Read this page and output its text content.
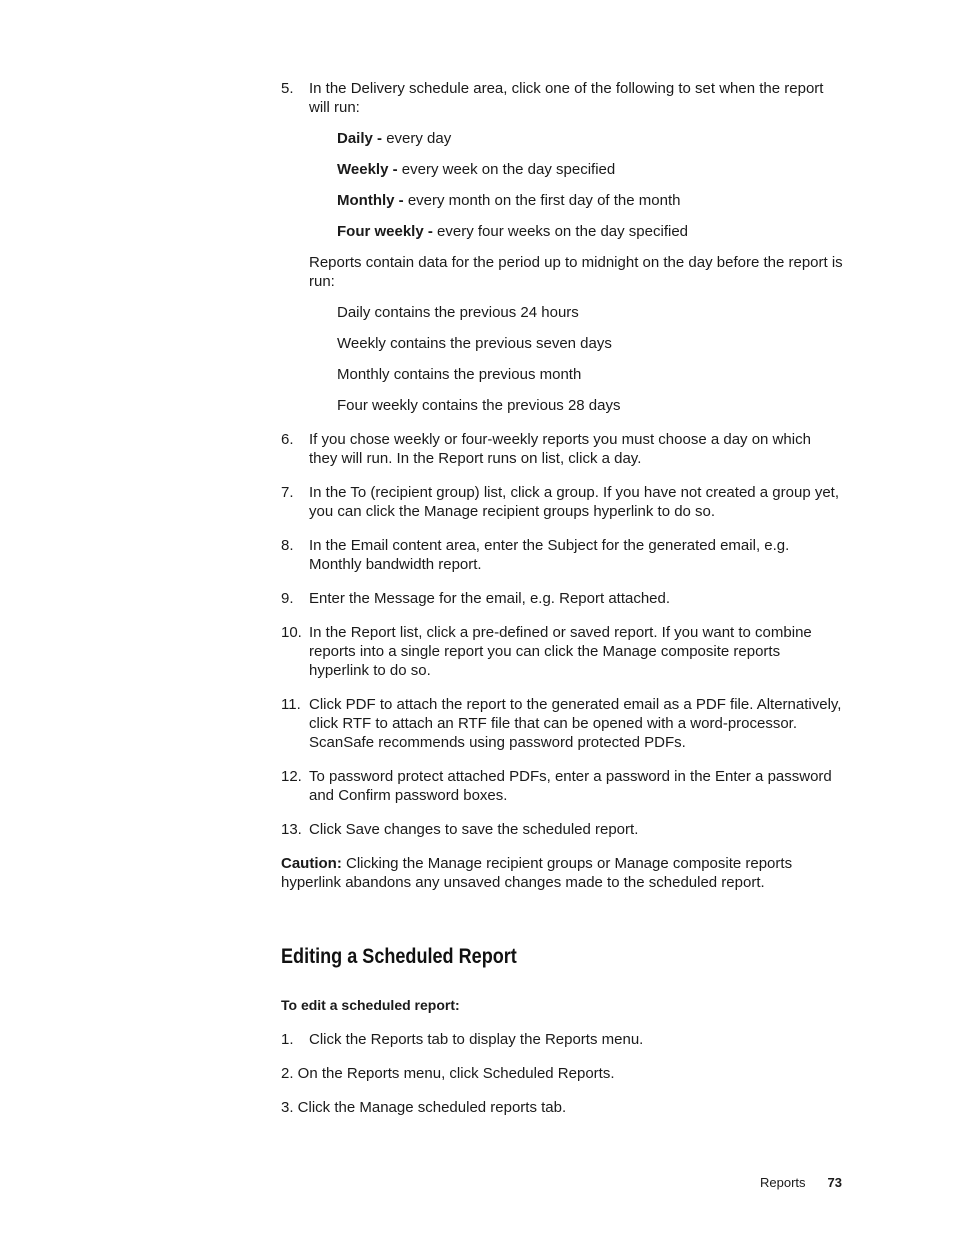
5. In the Delivery schedule area, click one of the following to set when the report will run:

Daily - every day

Weekly - every week on the day specified

Monthly - every month on the first day of the month

Four weekly - every four weeks on the day specified

Reports contain data for the period up to midnight on the day before the report is run:

Daily contains the previous 24 hours

Weekly contains the previous seven days

Monthly contains the previous month

Four weekly contains the previous 28 days

6. If you chose weekly or four-weekly reports you must choose a day on which they will run. In the Report runs on list, click a day.

7. In the To (recipient group) list, click a group. If you have not created a group yet, you can click the Manage recipient groups hyperlink to do so.

8. In the Email content area, enter the Subject for the generated email, e.g. Monthly bandwidth report.

9. Enter the Message for the email, e.g. Report attached.

10. In the Report list, click a pre-defined or saved report. If you want to combine reports into a single report you can click the Manage composite reports hyperlink to do so.

11. Click PDF to attach the report to the generated email as a PDF file. Alternatively, click RTF to attach an RTF file that can be opened with a word-processor. ScanSafe recommends using password protected PDFs.

12. To password protect attached PDFs, enter a password in the Enter a password and Confirm password boxes.

13. Click Save changes to save the scheduled report.

Caution: Clicking the Manage recipient groups or Manage composite reports hyperlink abandons any unsaved changes made to the scheduled report.

Editing a Scheduled Report

To edit a scheduled report:

1. Click the Reports tab to display the Reports menu.

2. On the Reports menu, click Scheduled Reports.

3. Click the Manage scheduled reports tab.

Reports 73
